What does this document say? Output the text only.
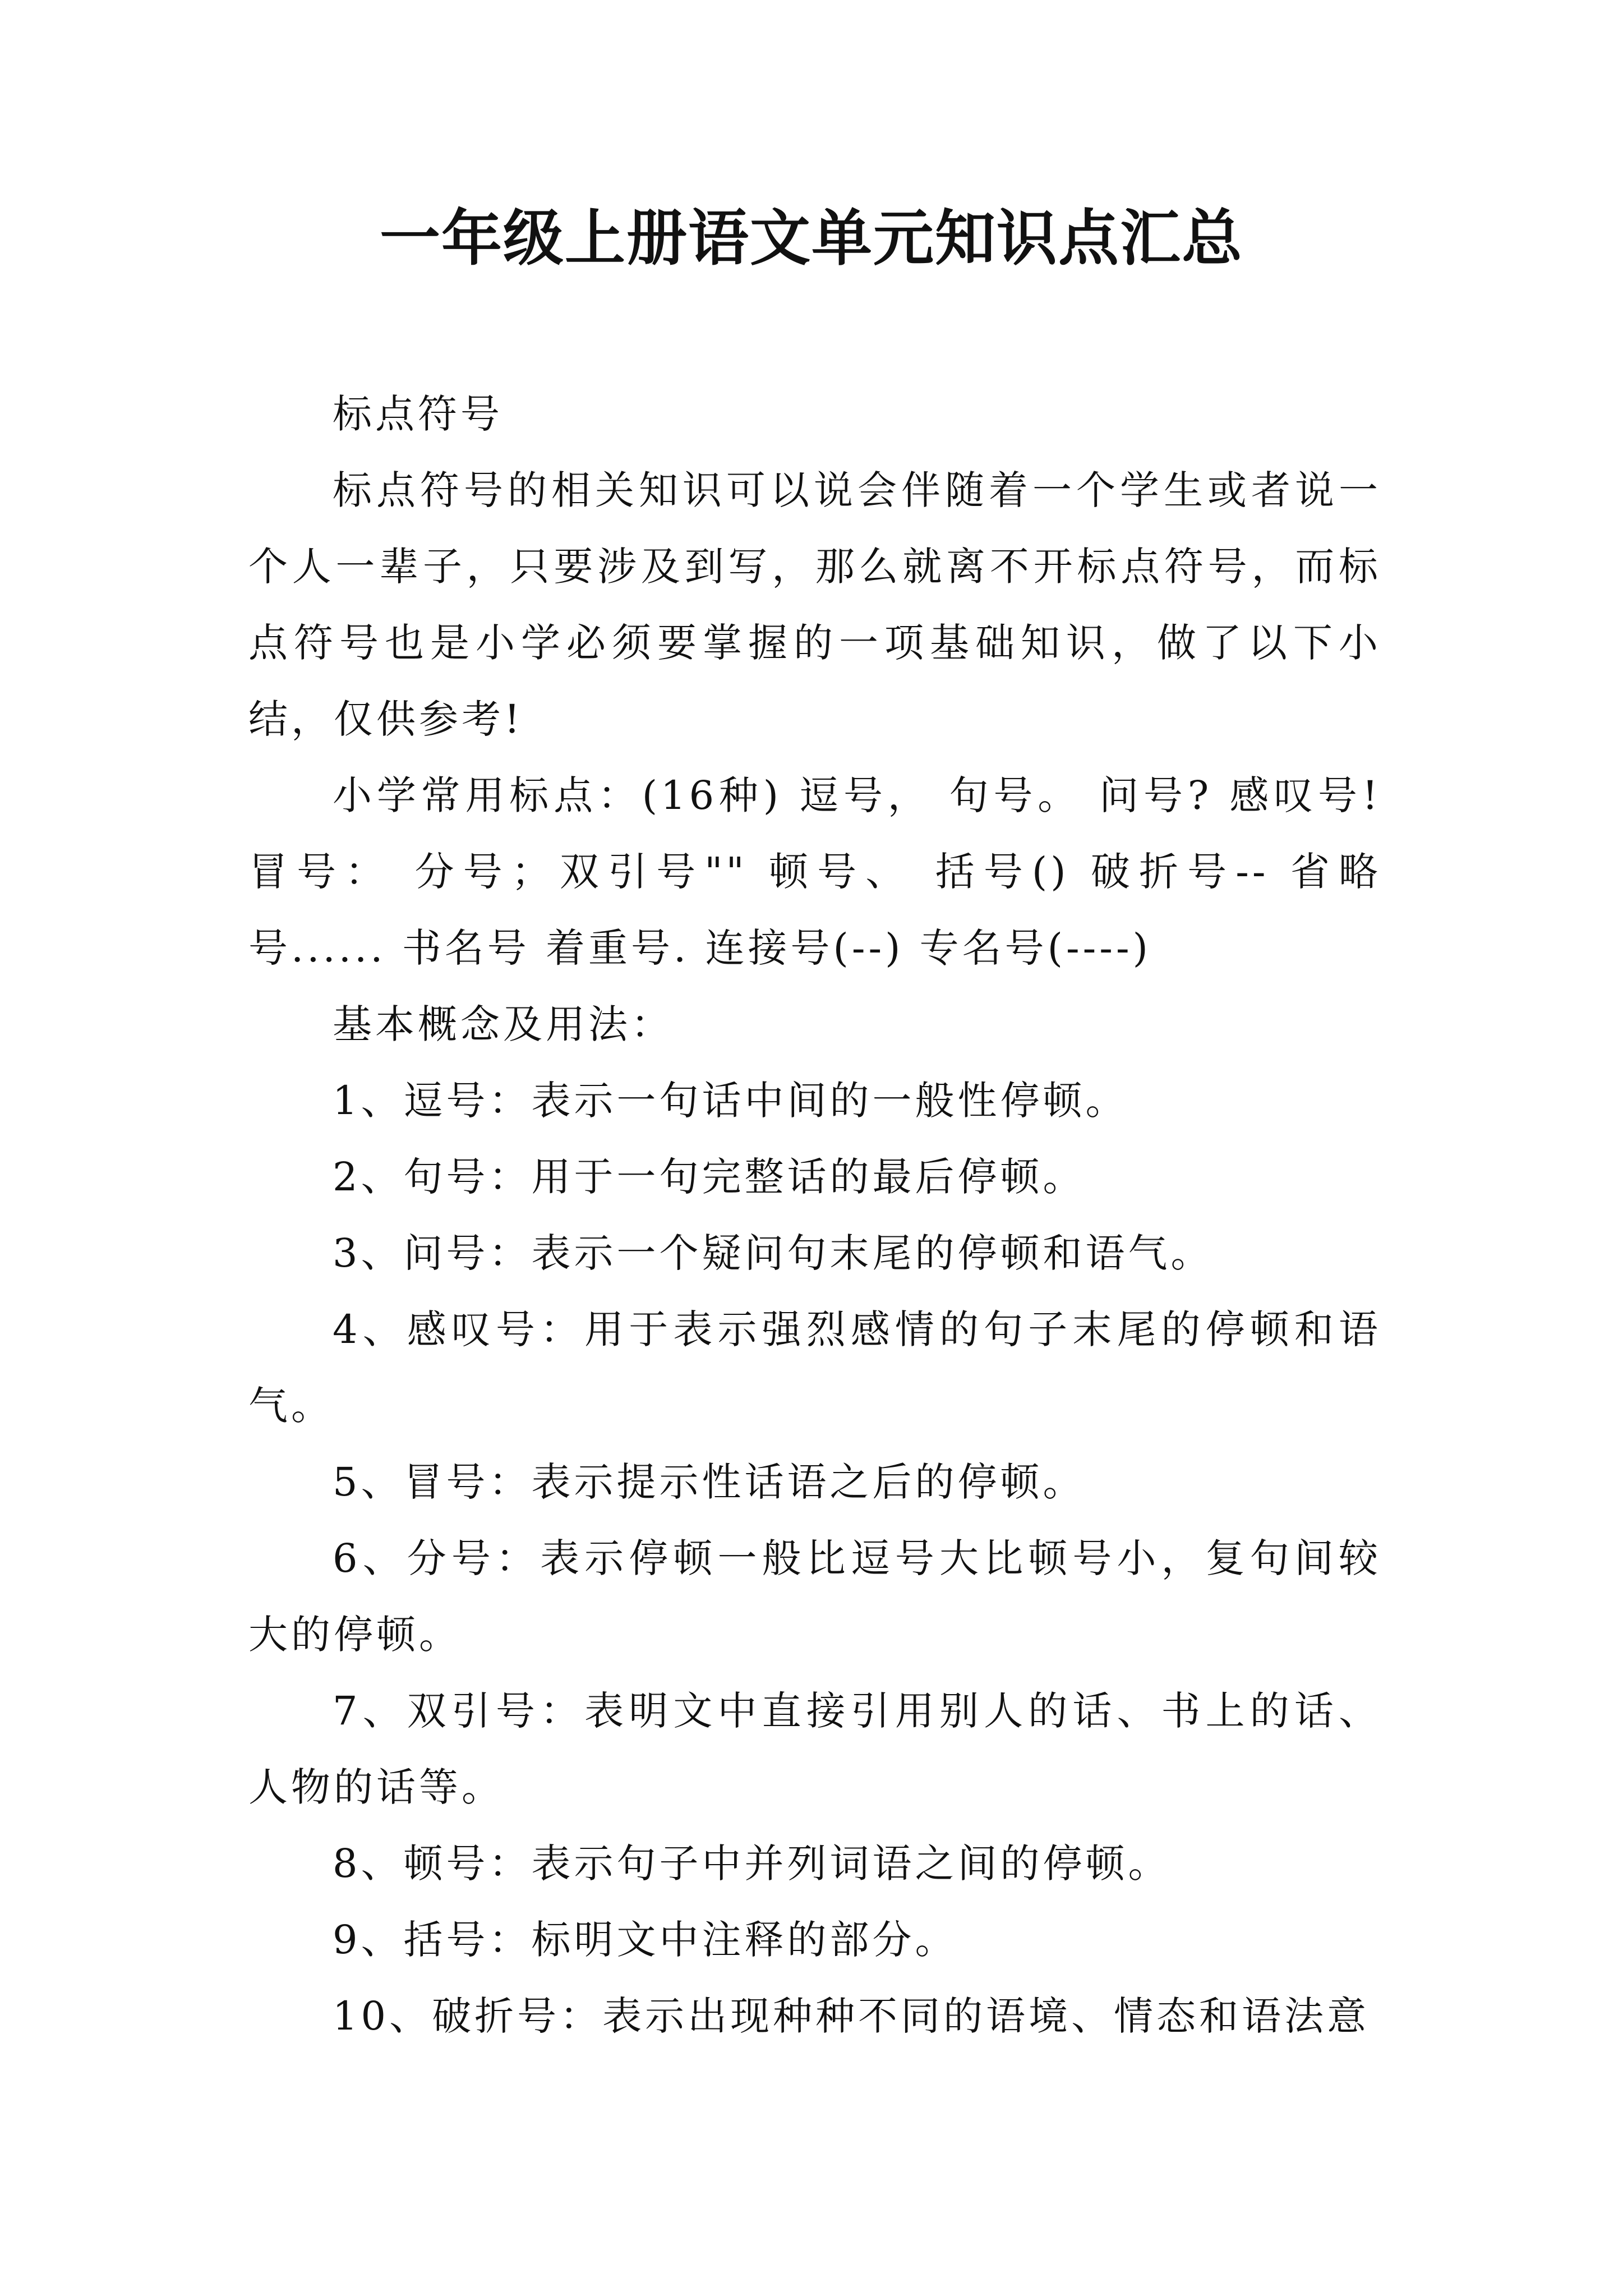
一年级上册语文单元知识点汇总

标点符号

标点符号的相关知识可以说会伴随着一个学生或者说一个人一辈子，只要涉及到写，那么就离不开标点符号，而标点符号也是小学必须要掌握的一项基础知识，做了以下小结，仅供参考!

小学常用标点：(16种) 逗号， 句号。 问号? 感叹号! 冒号： 分号；双引号"" 顿号、 括号() 破折号-- 省略号...... 书名号 着重号. 连接号(--) 专名号(----)

基本概念及用法：

1、逗号：表示一句话中间的一般性停顿。

2、句号：用于一句完整话的最后停顿。

3、问号：表示一个疑问句末尾的停顿和语气。

4、感叹号：用于表示强烈感情的句子末尾的停顿和语气。

5、冒号：表示提示性话语之后的停顿。

6、分号：表示停顿一般比逗号大比顿号小，复句间较大的停顿。

7、双引号：表明文中直接引用别人的话、书上的话、人物的话等。

8、顿号：表示句子中并列词语之间的停顿。

9、括号：标明文中注释的部分。

10、破折号：表示出现种种不同的语境、情态和语法意
